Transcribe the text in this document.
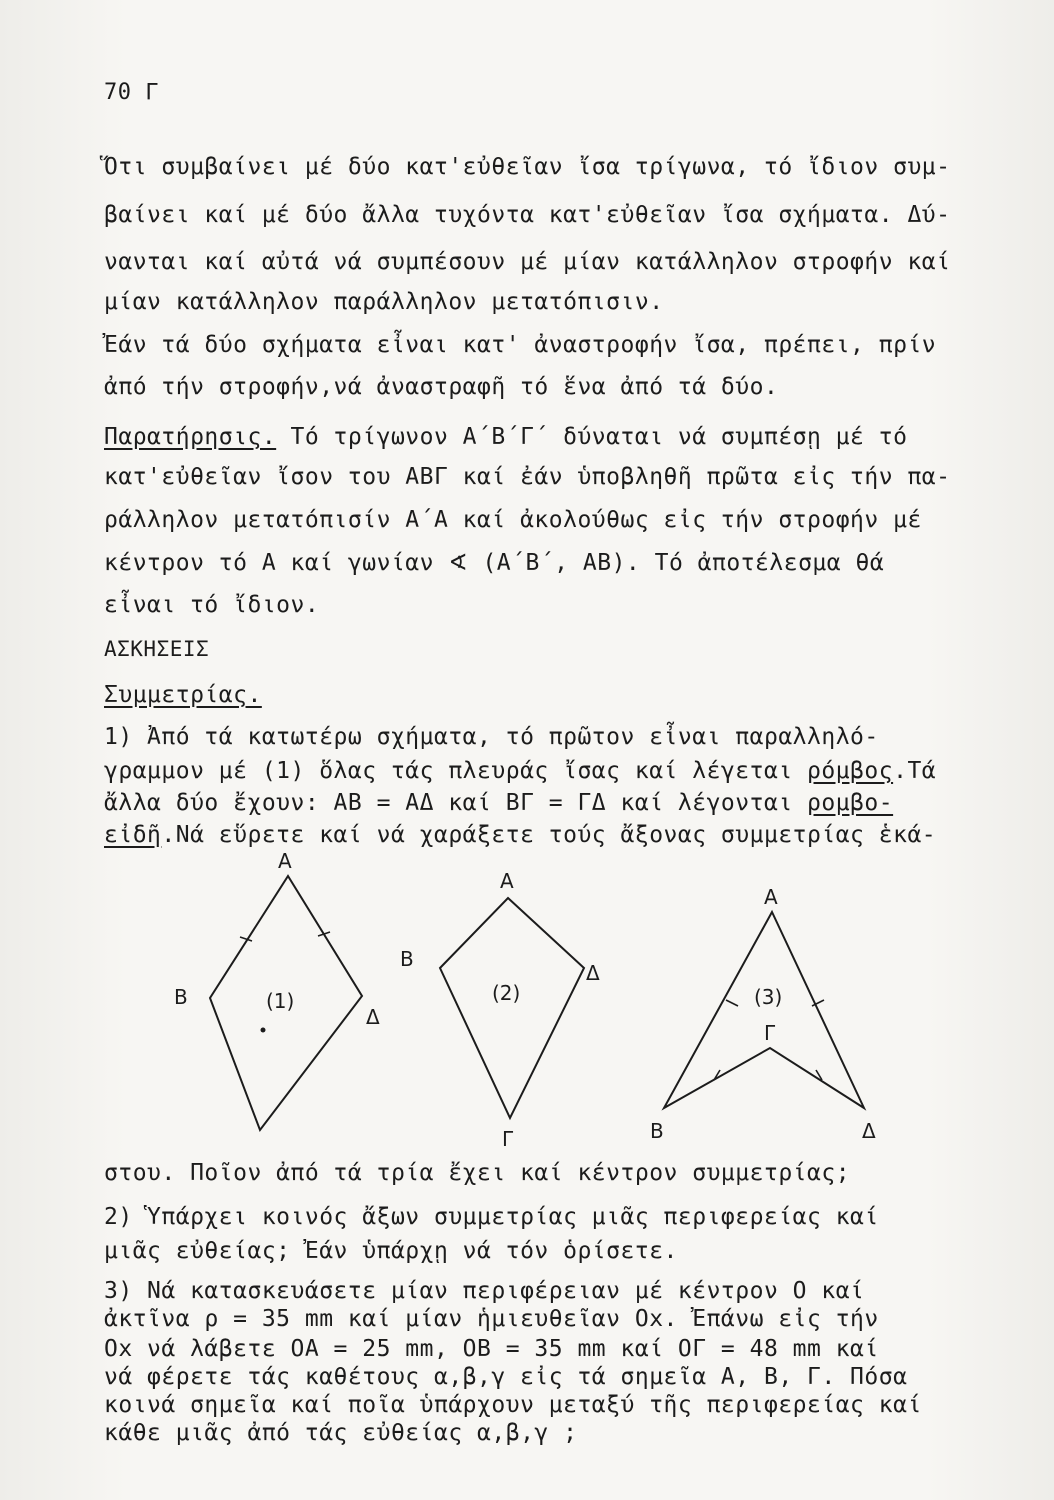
70 Γ
Ὅτι συμβαίνει μέ δύο κατ'εὐθεῖαν ἴσα τρίγωνα, τό ἴδιον συμ-
βαίνει καί μέ δύο ἄλλα τυχόντα κατ'εὐθεῖαν ἴσα σχήματα. Δύ-
νανται καί αὐτά νά συμπέσουν μέ μίαν κατάλληλον στροφήν καί
μίαν κατάλληλον παράλληλον μετατόπισιν.
Ἐάν τά δύο σχήματα εἶναι κατ' ἀναστροφήν ἴσα, πρέπει, πρίν
ἀπό τήν στροφήν,νά ἀναστραφῆ τό ἕνα ἀπό τά δύο.
Παρατήρησις. Τό τρίγωνον Α΄Β΄Γ΄ δύναται νά συμπέσῃ μέ τό
κατ'εὐθεῖαν ἴσον του ΑΒΓ καί ἐάν ὑποβληθῆ πρῶτα εἰς τήν πα-
ράλληλον μετατόπισίν Α΄Α καί ἀκολούθως εἰς τήν στροφήν μέ
κέντρον τό Α καί γωνίαν ∢ (Α΄Β΄, ΑΒ). Τό ἀποτέλεσμα θά
εἶναι τό ἴδιον.
ΑΣΚΗΣΕΙΣ
Συμμετρίας.
1) Ἀπό τά κατωτέρω σχήματα, τό πρῶτον εἶναι παραλληλό-
γραμμον μέ (1) ὅλας τάς πλευράς ἴσας καί λέγεται ρόμβος.Τά
ἄλλα δύο ἔχουν: ΑΒ = ΑΔ καί ΒΓ = ΓΔ καί λέγονται ρομβο-
εἰδῆ.Νά εὕρετε καί νά χαράξετε τούς ἄξονας συμμετρίας ἑκά-
Α
Β
Δ
(1)
Α
Β
Δ
Γ
(2)
Α
Β
Γ
Δ
(3)
στου. Ποῖον ἀπό τά τρία ἔχει καί κέντρον συμμετρίας;
2) Ὑπάρχει κοινός ἄξων συμμετρίας μιᾶς περιφερείας καί
μιᾶς εὐθείας; Ἐάν ὑπάρχῃ νά τόν ὁρίσετε.
3) Νά κατασκευάσετε μίαν περιφέρειαν μέ κέντρον Ο καί
ἀκτῖνα ρ = 35 mm καί μίαν ἡμιευθεῖαν Οx. Ἐπάνω εἰς τήν
Οx νά λάβετε ΟΑ = 25 mm, ΟΒ = 35 mm καί ΟΓ = 48 mm καί
νά φέρετε τάς καθέτους α,β,γ εἰς τά σημεῖα Α, Β, Γ. Πόσα
κοινά σημεῖα καί ποῖα ὑπάρχουν μεταξύ τῆς περιφερείας καί
κάθε μιᾶς ἀπό τάς εὐθείας α,β,γ ;
